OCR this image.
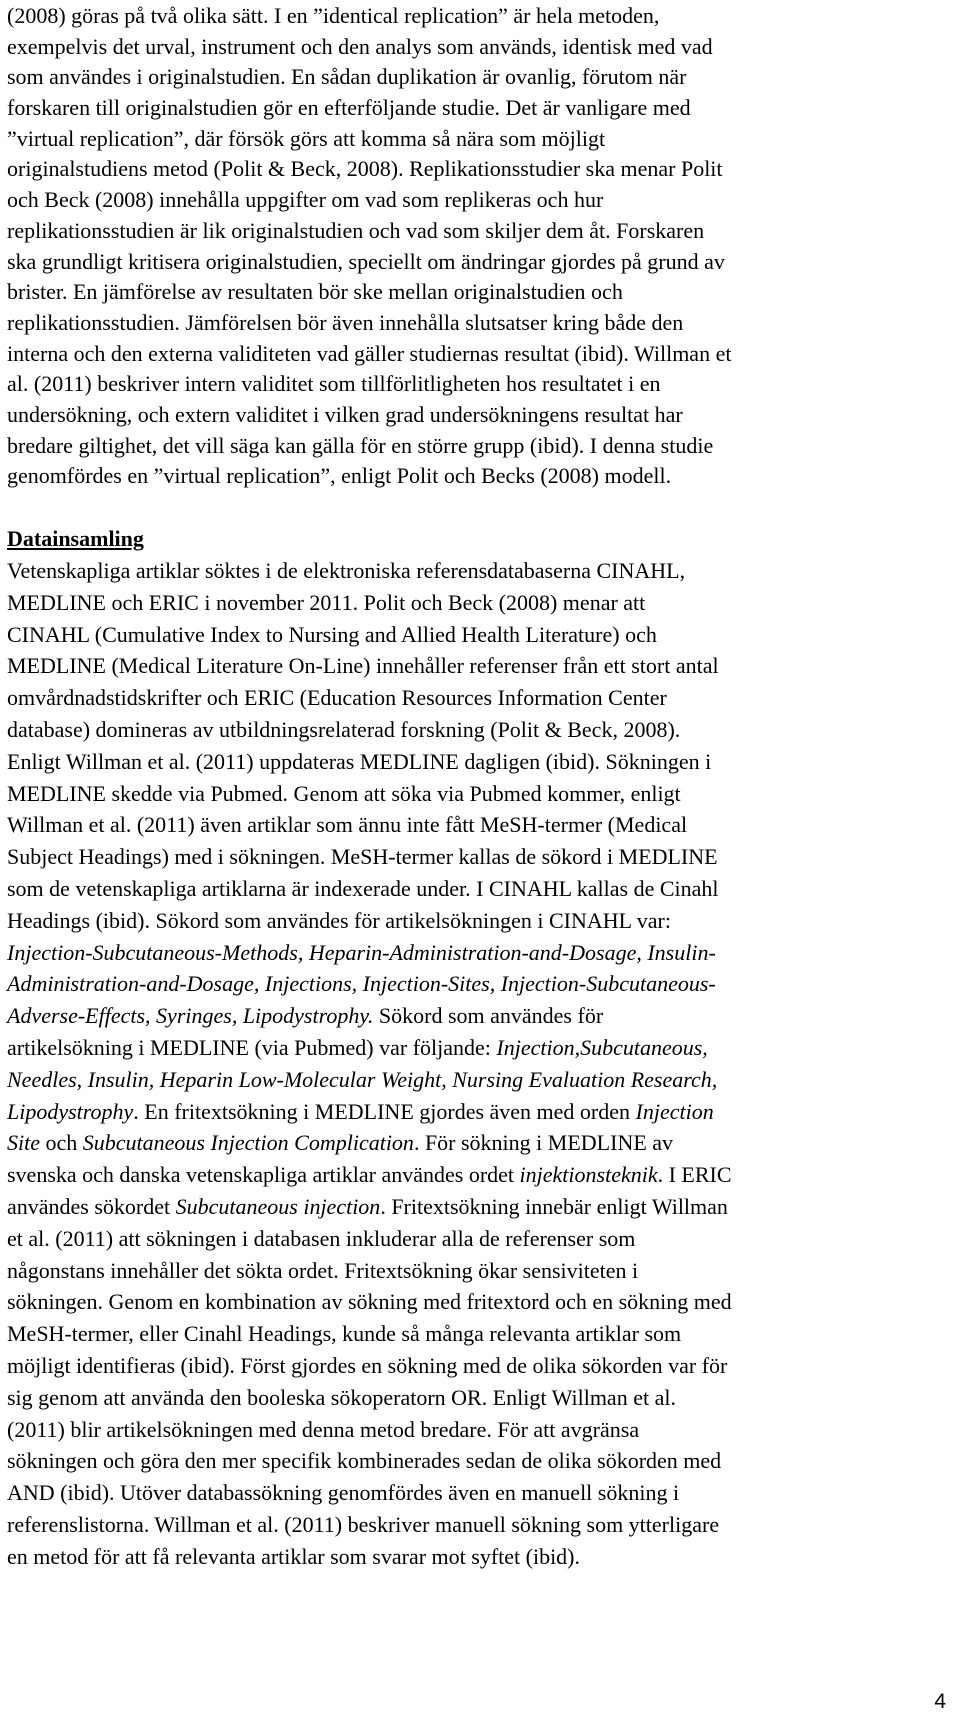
(2008) göras på två olika sätt. I en ”identical replication” är hela metoden,
exempelvis det urval, instrument och den analys som används, identisk med vad
som användes i originalstudien. En sådan duplikation är ovanlig, förutom när
forskaren till originalstudien gör en efterföljande studie. Det är vanligare med
”virtual replication”, där försök görs att komma så nära som möjligt
originalstudiens metod (Polit & Beck, 2008). Replikationsstudier ska menar Polit
och Beck (2008) innehålla uppgifter om vad som replikeras och hur
replikationsstudien är lik originalstudien och vad som skiljer dem åt. Forskaren
ska grundligt kritisera originalstudien, speciellt om ändringar gjordes på grund av
brister. En jämförelse av resultaten bör ske mellan originalstudien och
replikationsstudien. Jämförelsen bör även innehålla slutsatser kring både den
interna och den externa validiteten vad gäller studiernas resultat (ibid). Willman et
al. (2011) beskriver intern validitet som tillförlitligheten hos resultatet i en
undersökning, och extern validitet i vilken grad undersökningens resultat har
bredare giltighet, det vill säga kan gälla för en större grupp (ibid). I denna studie
genomfördes en ”virtual replication”, enligt Polit och Becks (2008) modell.
Datainsamling
Vetenskapliga artiklar söktes i de elektroniska referensdatabaserna CINAHL,
MEDLINE och ERIC i november 2011. Polit och Beck (2008) menar att
CINAHL (Cumulative Index to Nursing and Allied Health Literature) och
MEDLINE (Medical Literature On-Line) innehåller referenser från ett stort antal
omvårdnadstidskrifter och ERIC (Education Resources Information Center
database) domineras av utbildningsrelaterad forskning (Polit & Beck, 2008).
Enligt Willman et al. (2011) uppdateras MEDLINE dagligen (ibid). Sökningen i
MEDLINE skedde via Pubmed. Genom att söka via Pubmed kommer, enligt
Willman et al. (2011) även artiklar som ännu inte fått MeSH-termer (Medical
Subject Headings) med i sökningen. MeSH-termer kallas de sökord i MEDLINE
som de vetenskapliga artiklarna är indexerade under. I CINAHL kallas de Cinahl
Headings (ibid). Sökord som användes för artikelsökningen i CINAHL var:
Injection-Subcutaneous-Methods, Heparin-Administration-and-Dosage, Insulin-
Administration-and-Dosage, Injections, Injection-Sites, Injection-Subcutaneous-
Adverse-Effects, Syringes, Lipodystrophy. Sökord som användes för
artikelsökning i MEDLINE (via Pubmed) var följande: Injection,Subcutaneous,
Needles, Insulin, Heparin Low-Molecular Weight, Nursing Evaluation Research,
Lipodystrophy. En fritextsökning i MEDLINE gjordes även med orden Injection
Site och Subcutaneous Injection Complication. För sökning i MEDLINE av
svenska och danska vetenskapliga artiklar användes ordet injektionsteknik. I ERIC
användes sökordet Subcutaneous injection. Fritextsökning innebär enligt Willman
et al. (2011) att sökningen i databasen inkluderar alla de referenser som
någonstans innehåller det sökta ordet. Fritextsökning ökar sensiviteten i
sökningen. Genom en kombination av sökning med fritextord och en sökning med
MeSH-termer, eller Cinahl Headings, kunde så många relevanta artiklar som
möjligt identifieras (ibid). Först gjordes en sökning med de olika sökorden var för
sig genom att använda den booleska sökoperatorn OR. Enligt Willman et al.
(2011) blir artikelsökningen med denna metod bredare. För att avgränsa
sökningen och göra den mer specifik kombinerades sedan de olika sökorden med
AND (ibid). Utöver databassökning genomfördes även en manuell sökning i
referenslistorna. Willman et al. (2011) beskriver manuell sökning som ytterligare
en metod för att få relevanta artiklar som svarar mot syftet (ibid).
4
